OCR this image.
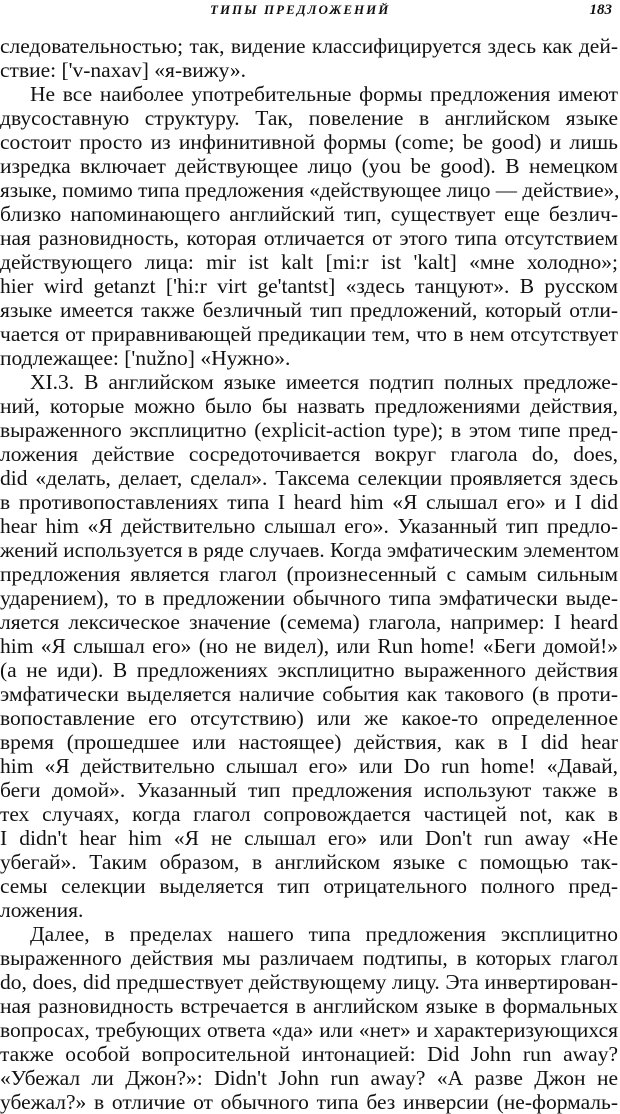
ТИПЫ ПРЕДЛОЖЕНИЙ	183
следовательностью; так, видение классифицируется здесь как дей-
ствие: ['v-naxav] «я-вижу».
Не все наиболее употребительные формы предложения имеют
двусоставную структуру. Так, повеление в английском языке
состоит просто из инфинитивной формы (come; be good) и лишь
изредка включает действующее лицо (you be good). В немецком
языке, помимо типа предложения «действующее лицо — действие»,
близко напоминающего английский тип, существует еще безлич-
ная разновидность, которая отличается от этого типа отсутствием
действующего лица: mir ist kalt [mi:r ist 'kalt] «мне холодно»;
hier wird getanzt ['hi:r virt ge'tantst] «здесь танцуют». В русском
языке имеется также безличный тип предложений, который отли-
чается от приравнивающей предикации тем, что в нем отсутствует
подлежащее: ['nužno] «Нужно».
XI.3. В английском языке имеется подтип полных предложе-
ний, которые можно было бы назвать предложениями действия,
выраженного эксплицитно (explicit-action type); в этом типе пред-
ложения действие сосредоточивается вокруг глагола do, does,
did «делать, делает, сделал». Таксема селекции проявляется здесь
в противопоставлениях типа I heard him «Я слышал его» и I did
hear him «Я действительно слышал его». Указанный тип предло-
жений используется в ряде случаев. Когда эмфатическим элементом
предложения является глагол (произнесенный с самым сильным
ударением), то в предложении обычного типа эмфатически выде-
ляется лексическое значение (семема) глагола, например: I heard
him «Я слышал его» (но не видел), или Run home! «Беги домой!»
(а не иди). В предложениях эксплицитно выраженного действия
эмфатически выделяется наличие события как такового (в проти-
вопоставление его отсутствию) или же какое-то определенное
время (прошедшее или настоящее) действия, как в I did hear
him «Я действительно слышал его» или Do run home! «Давай,
беги домой». Указанный тип предложения используют также в
тех случаях, когда глагол сопровождается частицей not, как в
I didn't hear him «Я не слышал его» или Don't run away «Не
убегай». Таким образом, в английском языке с помощью так-
семы селекции выделяется тип отрицательного полного пред-
ложения.
Далее, в пределах нашего типа предложения эксплицитно
выраженного действия мы различаем подтипы, в которых глагол
do, does, did предшествует действующему лицу. Эта инвертирован-
ная разновидность встречается в английском языке в формальных
вопросах, требующих ответа «да» или «нет» и характеризующихся
также особой вопросительной интонацией: Did John run away?
«Убежал ли Джон?»: Didn't John run away? «А разве Джон не
убежал?» в отличие от обычного типа без инверсии (не-формаль-
